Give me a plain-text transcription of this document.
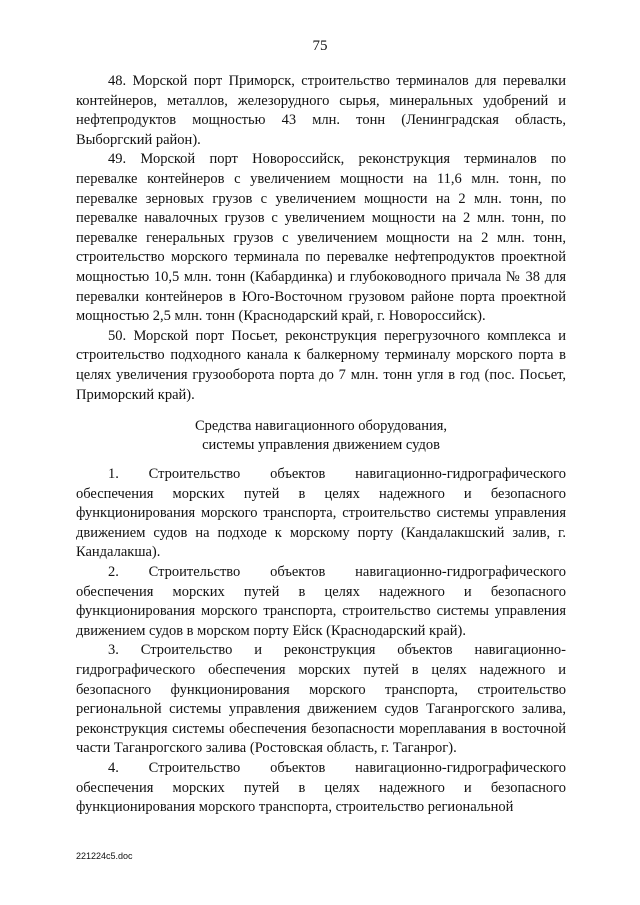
75

48. Морской порт Приморск, строительство терминалов для перевалки контейнеров, металлов, железорудного сырья, минеральных удобрений и нефтепродуктов мощностью 43 млн. тонн (Ленинградская область, Выборгский район).

49. Морской порт Новороссийск, реконструкция терминалов по перевалке контейнеров с увеличением мощности на 11,6 млн. тонн, по перевалке зерновых грузов с увеличением мощности на 2 млн. тонн, по перевалке навалочных грузов с увеличением мощности на 2 млн. тонн, по перевалке генеральных грузов с увеличением мощности на 2 млн. тонн, строительство морского терминала по перевалке нефтепродуктов проектной мощностью 10,5 млн. тонн (Кабардинка) и глубоководного причала № 38 для перевалки контейнеров в Юго-Восточном грузовом районе порта проектной мощностью 2,5 млн. тонн (Краснодарский край, г. Новороссийск).

50. Морской порт Посьет, реконструкция перегрузочного комплекса и строительство подходного канала к балкерному терминалу морского порта в целях увеличения грузооборота порта до 7 млн. тонн угля в год (пос. Посьет, Приморский край).

Средства навигационного оборудования,
системы управления движением судов

1. Строительство объектов навигационно-гидрографического обеспечения морских путей в целях надежного и безопасного функционирования морского транспорта, строительство системы управления движением судов на подходе к морскому порту (Кандалакшский залив, г. Кандалакша).

2. Строительство объектов навигационно-гидрографического обеспечения морских путей в целях надежного и безопасного функционирования морского транспорта, строительство системы управления движением судов в морском порту Ейск (Краснодарский край).

3. Строительство и реконструкция объектов навигационно-гидрографического обеспечения морских путей в целях надежного и безопасного функционирования морского транспорта, строительство региональной системы управления движением судов Таганрогского залива, реконструкция системы обеспечения безопасности мореплавания в восточной части Таганрогского залива (Ростовская область, г. Таганрог).

4. Строительство объектов навигационно-гидрографического обеспечения морских путей в целях надежного и безопасного функционирования морского транспорта, строительство региональной

221224c5.doc
